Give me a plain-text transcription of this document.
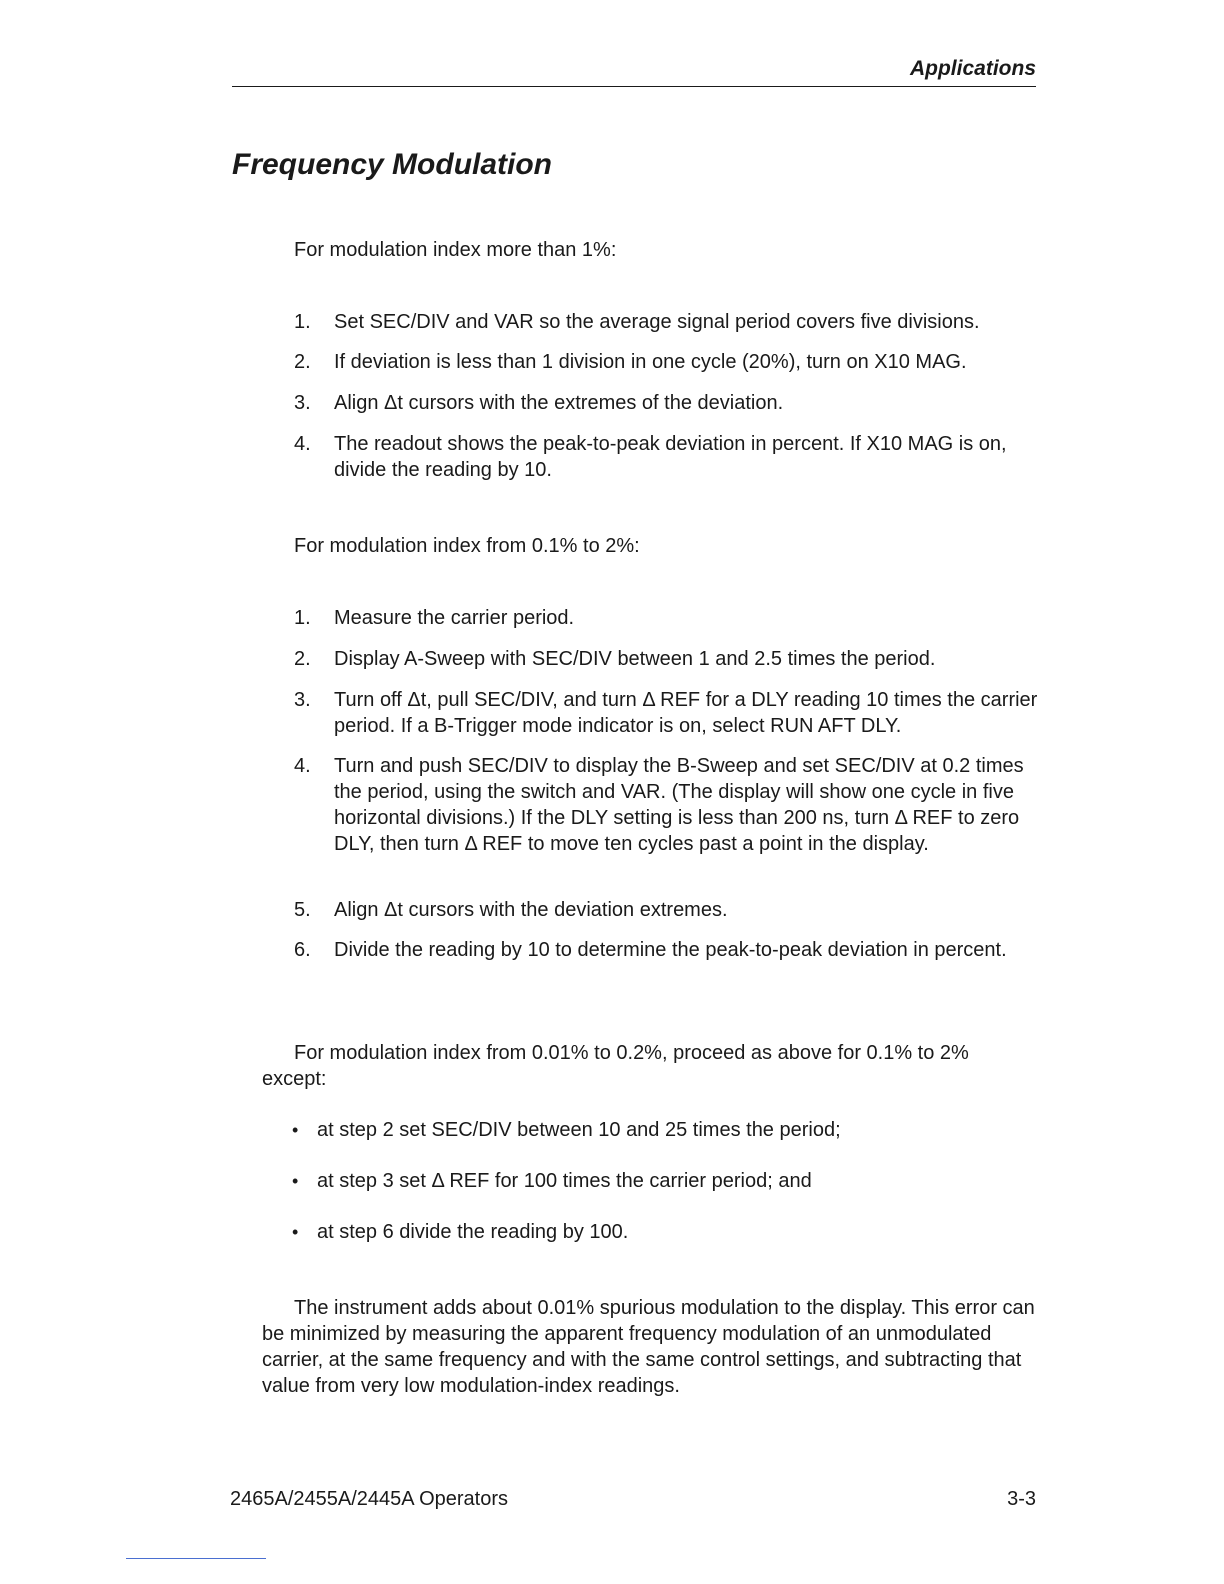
Applications
Frequency Modulation

For modulation index more than 1%:

1.	Set SEC/DIV and VAR so the average signal period covers five divisions.
2.	If deviation is less than 1 division in one cycle (20%), turn on X10 MAG.
3.	Align Δt cursors with the extremes of the deviation.
4.	The readout shows the peak-to-peak deviation in percent. If X10 MAG is on, divide the reading by 10.

For modulation index from 0.1% to 2%:

1.	Measure the carrier period.
2.	Display A-Sweep with SEC/DIV between 1 and 2.5 times the period.
3.	Turn off Δt, pull SEC/DIV, and turn Δ REF for a DLY reading 10 times the carrier period. If a B-Trigger mode indicator is on, select RUN AFT DLY.
4.	Turn and push SEC/DIV to display the B-Sweep and set SEC/DIV at 0.2 times the period, using the switch and VAR. (The display will show one cycle in five horizontal divisions.) If the DLY setting is less than 200 ns, turn Δ REF to zero DLY, then turn Δ REF to move ten cycles past a point in the display.
5.	Align Δt cursors with the deviation extremes.
6.	Divide the reading by 10 to determine the peak-to-peak deviation in percent.

For modulation index from 0.01% to 0.2%, proceed as above for 0.1% to 2% except:

• at step 2 set SEC/DIV between 10 and 25 times the period;
• at step 3 set Δ REF for 100 times the carrier period; and
• at step 6 divide the reading by 100.

The instrument adds about 0.01% spurious modulation to the display. This error can be minimized by measuring the apparent frequency modulation of an unmodulated carrier, at the same frequency and with the same control settings, and subtracting that value from very low modulation-index readings.

2465A/2455A/2445A Operators	3-3
